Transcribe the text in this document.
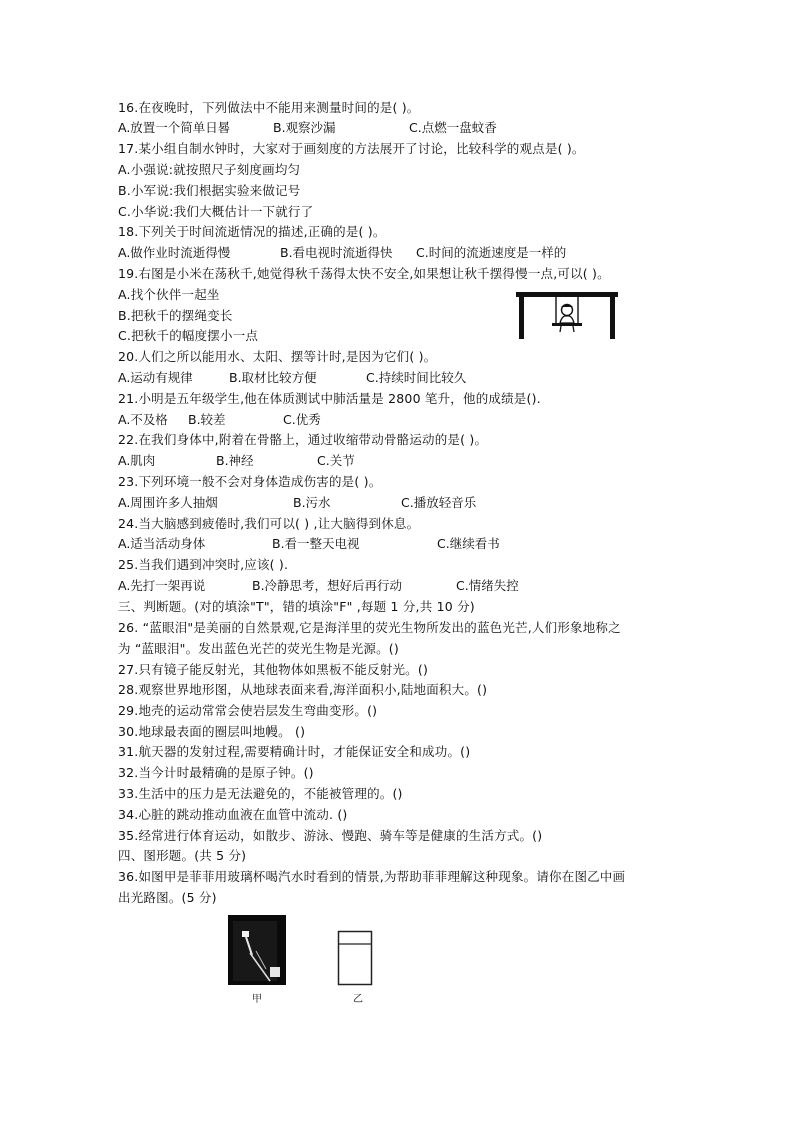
16.在夜晚时，下列做法中不能用来测量时间的是( )。
A.放置一个简单日晷	B.观察沙漏	C.点燃一盘蚊香
17.某小组自制水钟时，大家对于画刻度的方法展开了讨论，比较科学的观点是( )。
A.小强说:就按照尺子刻度画均匀
B.小军说:我们根据实验来做记号
C.小华说:我们大概估计一下就行了
18.下列关于时间流逝情况的描述,正确的是( )。
A.做作业时流逝得慢	B.看电视时流逝得快 C.时间的流逝速度是一样的
19.右图是小米在荡秋千,她觉得秋千荡得太快不安全,如果想让秋千摆得慢一点,可以( )。
A.找个伙伴一起坐
B.把秋千的摆绳变长
C.把秋千的幅度摆小一点
20.人们之所以能用水、太阳、摆等计时,是因为它们( )。
A.运动有规律	B.取材比较方便	C.持续时间比较久
21.小明是五年级学生,他在体质测试中肺活量是 2800 笔升，他的成绩是().
A.不及格 B.较差	C.优秀
22.在我们身体中,附着在骨骼上，通过收缩带动骨骼运动的是( )。
A.肌肉	B.神经	C.关节
23.下列环境一般不会对身体造成伤害的是( )。
A.周围许多人抽烟	B.污水	C.播放轻音乐
24.当大脑感到疲倦时,我们可以( ) ,让大脑得到休息。
A.适当活动身体	B.看一整天电视	C.继续看书
25.当我们遇到冲突时,应该( ).
A.先打一架再说	B.冷静思考，想好后再行动	C.情绪失控
三、判断题。(对的填涂"T"，错的填涂"F" ,每题 1 分,共 10 分)
26. “蓝眼泪"是美丽的自然景观,它是海洋里的荧光生物所发出的蓝色光芒,人们形象地称之
为 “蓝眼泪"。发出蓝色光芒的荧光生物是光源。()
27.只有镜子能反射光，其他物体如黑板不能反射光。()
28.观察世界地形图，从地球表面来看,海洋面积小,陆地面积大。()
29.地壳的运动常常会使岩层发生弯曲变形。()
30.地球最表面的圈层叫地幔。 ()
31.航天器的发射过程,需要精确计时，才能保证安全和成功。()
32.当今计时最精确的是原子钟。()
33.生活中的压力是无法避免的，不能被管理的。()
34.心脏的跳动推动血液在血管中流动. ()
35.经常进行体育运动，如散步、游泳、慢跑、骑车等是健康的生活方式。()
四、图形题。(共 5 分)
36.如图甲是菲菲用玻璃杯喝汽水时看到的情景,为帮助菲菲理解这种现象。请你在图乙中画
出光路图。(5 分)
甲	乙
